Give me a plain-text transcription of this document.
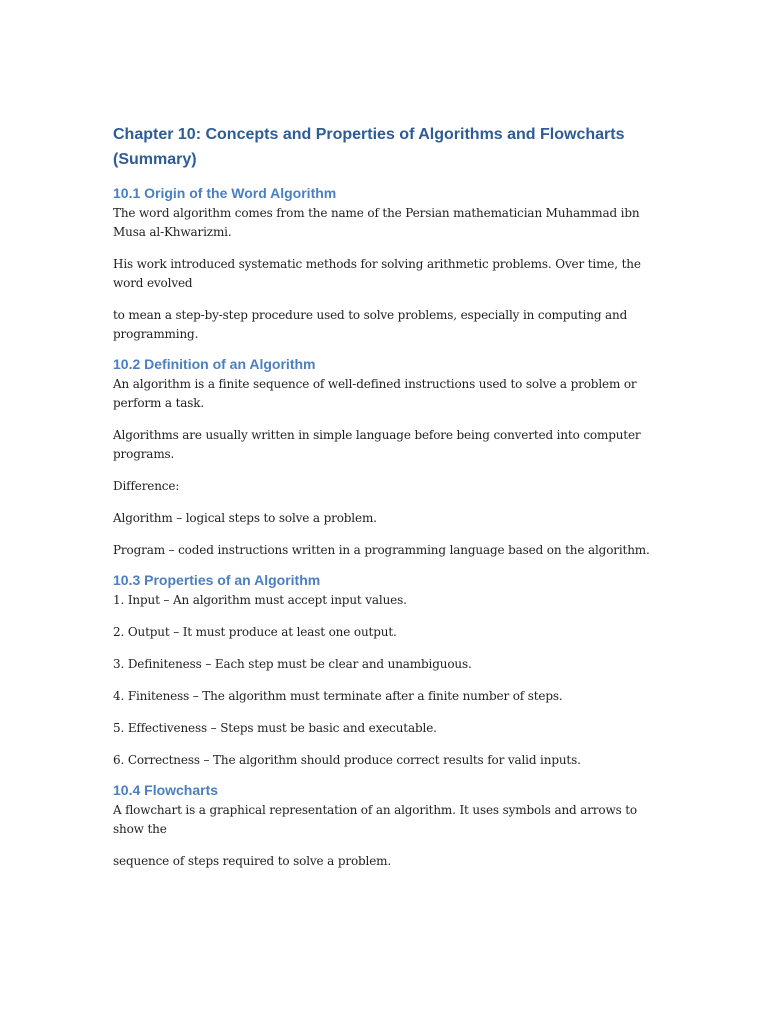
Chapter 10: Concepts and Properties of Algorithms and Flowcharts
(Summary)
10.1 Origin of the Word Algorithm

The word algorithm comes from the name of the Persian mathematician Muhammad ibn Musa al-Khwarizmi.

His work introduced systematic methods for solving arithmetic problems. Over time, the word evolved

to mean a step-by-step procedure used to solve problems, especially in computing and programming.

10.2 Definition of an Algorithm

An algorithm is a finite sequence of well-defined instructions used to solve a problem or perform a task.

Algorithms are usually written in simple language before being converted into computer programs.

Difference:

Algorithm – logical steps to solve a problem.

Program – coded instructions written in a programming language based on the algorithm.

10.3 Properties of an Algorithm

1. Input – An algorithm must accept input values.

2. Output – It must produce at least one output.

3. Definiteness – Each step must be clear and unambiguous.

4. Finiteness – The algorithm must terminate after a finite number of steps.

5. Effectiveness – Steps must be basic and executable.

6. Correctness – The algorithm should produce correct results for valid inputs.

10.4 Flowcharts

A flowchart is a graphical representation of an algorithm. It uses symbols and arrows to show the

sequence of steps required to solve a problem.
